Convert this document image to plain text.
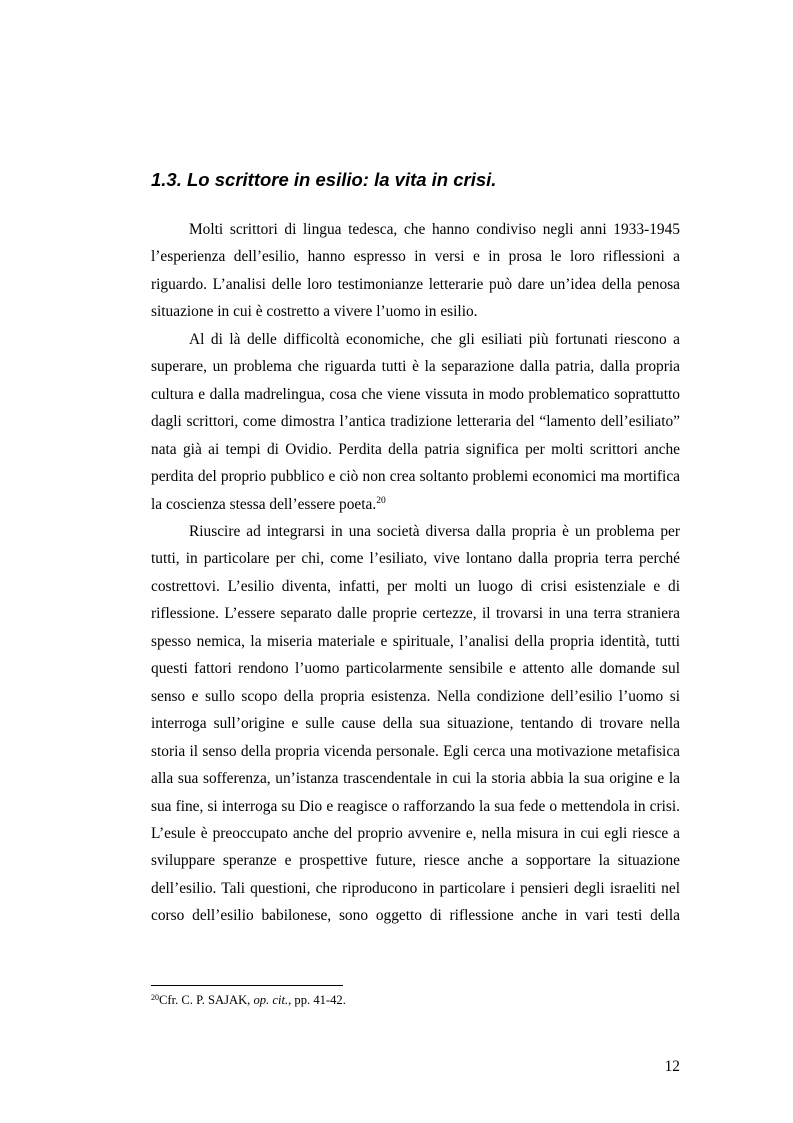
1.3. Lo scrittore in esilio: la vita in crisi.

Molti scrittori di lingua tedesca, che hanno condiviso negli anni 1933-1945 l’esperienza dell’esilio, hanno espresso in versi e in prosa le loro riflessioni a riguardo. L’analisi delle loro testimonianze letterarie può dare un’idea della penosa situazione in cui è costretto a vivere l’uomo in esilio.

Al di là delle difficoltà economiche, che gli esiliati più fortunati riescono a superare, un problema che riguarda tutti è la separazione dalla patria, dalla propria cultura e dalla madrelingua, cosa che viene vissuta in modo problematico soprattutto dagli scrittori, come dimostra l’antica tradizione letteraria del “lamento dell’esiliato” nata già ai tempi di Ovidio. Perdita della patria significa per molti scrittori anche perdita del proprio pubblico e ciò non crea soltanto problemi economici ma mortifica la coscienza stessa dell’essere poeta.$^{20}$

Riuscire ad integrarsi in una società diversa dalla propria è un problema per tutti, in particolare per chi, come l’esiliato, vive lontano dalla propria terra perché costrettovi. L’esilio diventa, infatti, per molti un luogo di crisi esistenziale e di riflessione. L’essere separato dalle proprie certezze, il trovarsi in una terra straniera spesso nemica, la miseria materiale e spirituale, l’analisi della propria identità, tutti questi fattori rendono l’uomo particolarmente sensibile e attento alle domande sul senso e sullo scopo della propria esistenza. Nella condizione dell’esilio l’uomo si interroga sull’origine e sulle cause della sua situazione, tentando di trovare nella storia il senso della propria vicenda personale. Egli cerca una motivazione metafisica alla sua sofferenza, un’istanza trascendentale in cui la storia abbia la sua origine e la sua fine, si interroga su Dio e reagisce o rafforzando la sua fede o mettendola in crisi. L’esule è preoccupato anche del proprio avvenire e, nella misura in cui egli riesce a sviluppare speranze e prospettive future, riesce anche a sopportare la situazione dell’esilio. Tali questioni, che riproducono in particolare i pensieri degli israeliti nel corso dell’esilio babilonese, sono oggetto di riflessione anche in vari testi della

$^{20}$Cfr. C. P. SAJAK, op. cit., pp. 41-42.
12
